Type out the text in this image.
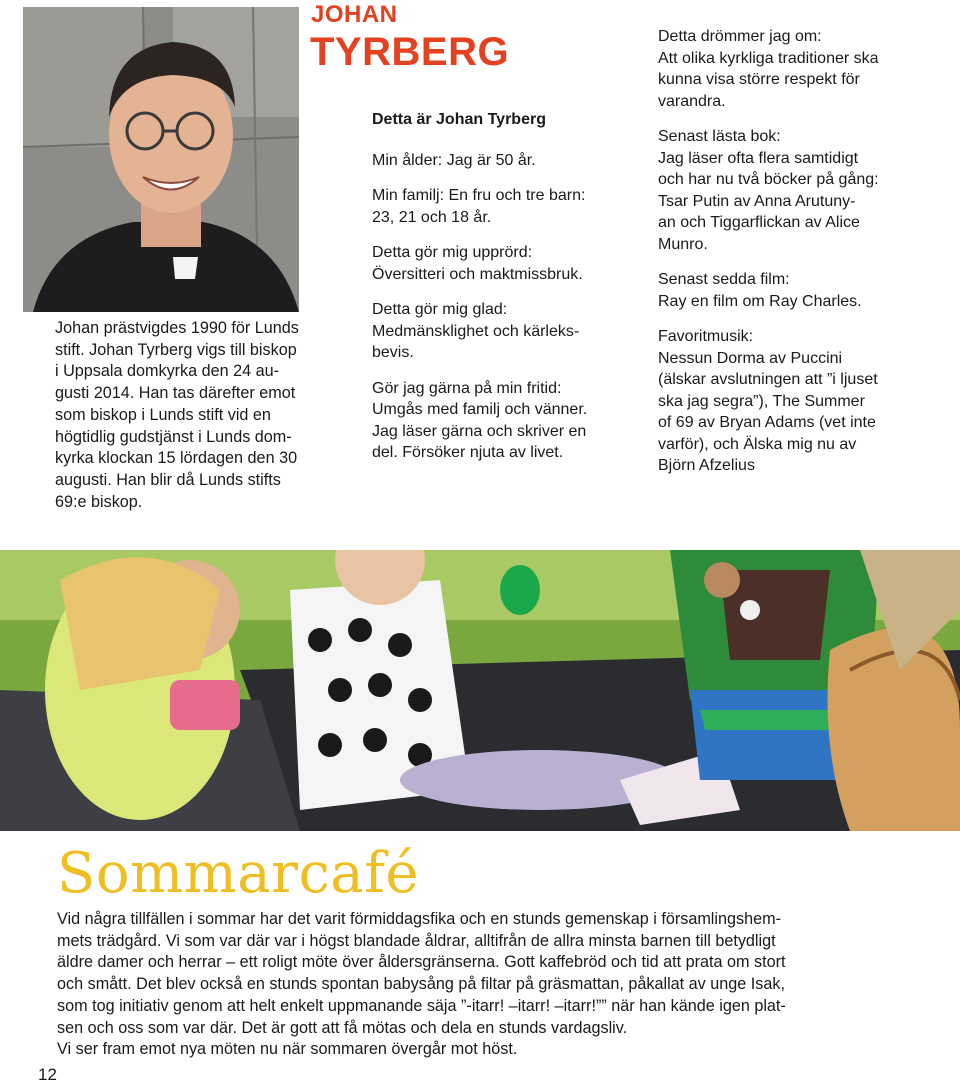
JOHAN
TYRBERG
Johan prästvigdes 1990 för Lunds
stift. Johan Tyrberg vigs till biskop
i Uppsala domkyrka den 24 au-
gusti 2014. Han tas därefter emot
som biskop i Lunds stift vid en
högtidlig gudstjänst i Lunds dom-
kyrka klockan 15 lördagen den 30
augusti. Han blir då Lunds stifts
69:e biskop.
Detta är Johan Tyrberg
Min ålder: Jag är 50 år.
Min familj: En fru och tre barn:
23, 21 och 18 år.
Detta gör mig upprörd:
Översitteri och maktmissbruk.
Detta gör mig glad:
Medmänsklighet och kärleks-
bevis.
Gör jag gärna på min fritid:
Umgås med familj och vänner.
Jag läser gärna och skriver en
del. Försöker njuta av livet.
Detta drömmer jag om:
Att olika kyrkliga traditioner ska
kunna visa större respekt för
varandra.
Senast lästa bok:
Jag läser ofta flera samtidigt
och har nu två böcker på gång:
Tsar Putin av Anna Arutuny-
an och Tiggarflickan av Alice
Munro.
Senast sedda film:
Ray en film om Ray Charles.
Favoritmusik:
Nessun Dorma av Puccini
(älskar avslutningen att ”i ljuset
ska jag segra”), The Summer
of 69 av Bryan Adams (vet inte
varför), och Älska mig nu av
Björn Afzelius
Sommarcafé
Vid några tillfällen i sommar har det varit förmiddagsfika och en stunds gemenskap i församlingshem-
mets trädgård. Vi som var där var i högst blandade åldrar, alltifrån de allra minsta barnen till betydligt
äldre damer och herrar – ett roligt möte över åldersgränserna. Gott kaffebröd och tid att prata om stort
och smått. Det blev också en stunds spontan babysång på filtar på gräsmattan, påkallat av unge Isak,
som tog initiativ genom att helt enkelt uppmanande säja ”-itarr! –itarr! –itarr!”” när han kände igen plat-
sen och oss som var där. Det är gott att få mötas och dela en stunds vardagsliv.
Vi ser fram emot nya möten nu när sommaren övergår mot höst.
12
